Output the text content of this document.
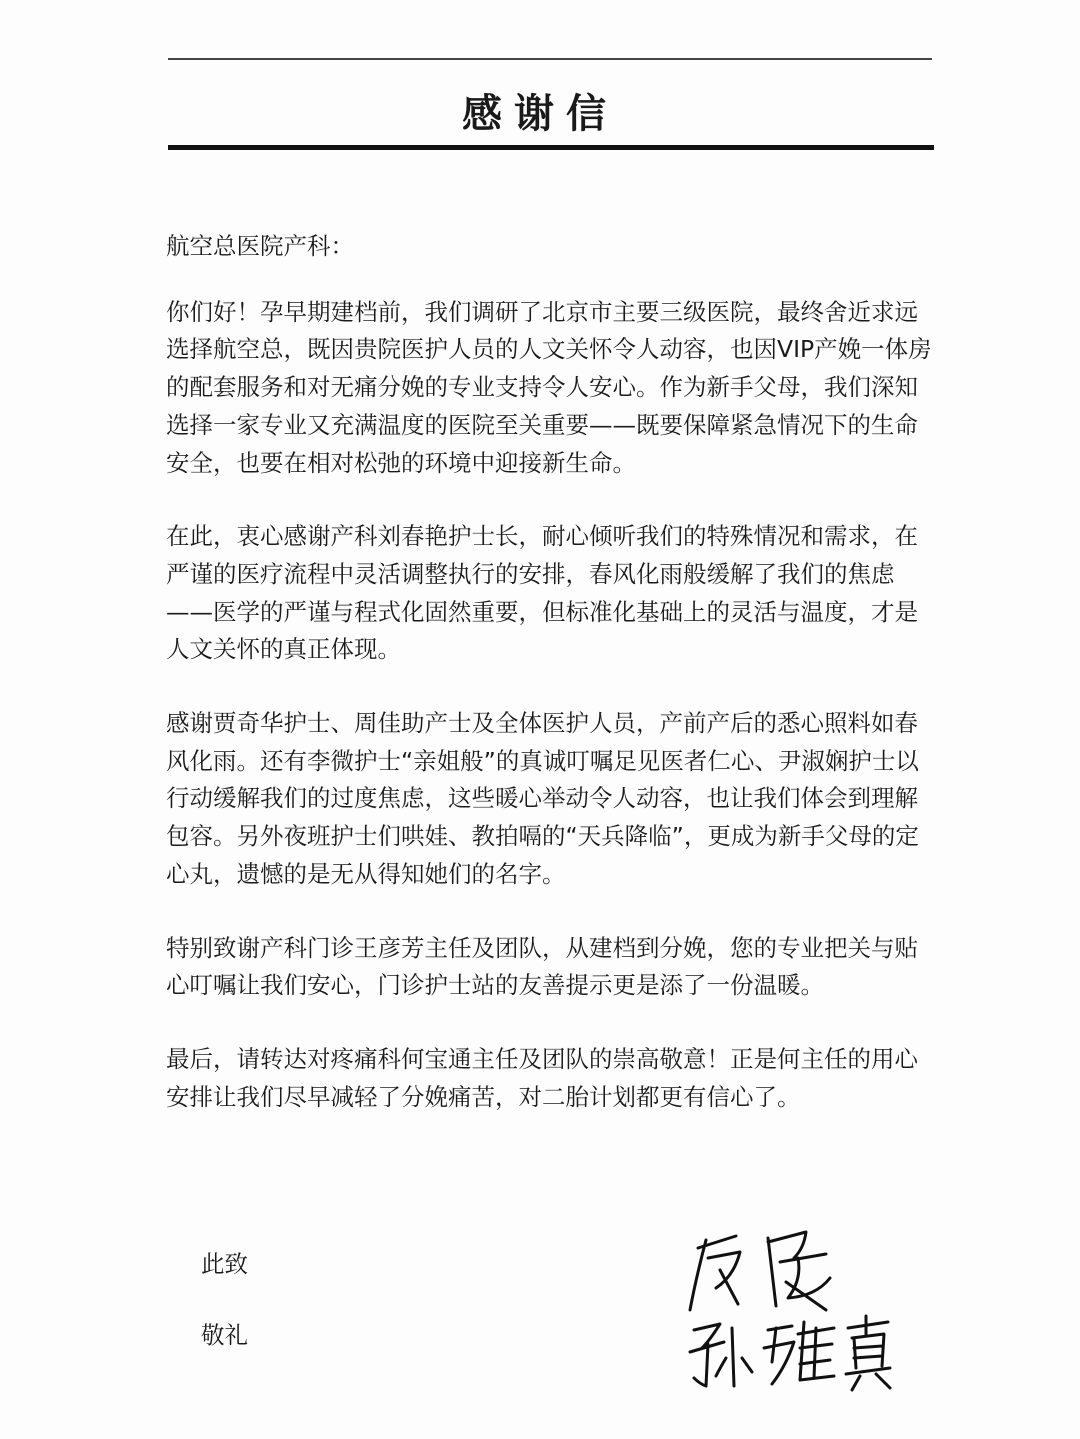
感谢信

航空总医院产科：

你们好！孕早期建档前，我们调研了北京市主要三级医院，最终舍近求远选择航空总，既因贵院医护人员的人文关怀令人动容，也因VIP产娩一体房的配套服务和对无痛分娩的专业支持令人安心。作为新手父母，我们深知选择一家专业又充满温度的医院至关重要——既要保障紧急情况下的生命安全，也要在相对松弛的环境中迎接新生命。

在此，衷心感谢产科刘春艳护士长，耐心倾听我们的特殊情况和需求，在严谨的医疗流程中灵活调整执行的安排，春风化雨般缓解了我们的焦虑——医学的严谨与程式化固然重要，但标准化基础上的灵活与温度，才是人文关怀的真正体现。

感谢贾奇华护士、周佳助产士及全体医护人员，产前产后的悉心照料如春风化雨。还有李微护士“亲姐般”的真诚叮嘱足见医者仁心、尹淑娴护士以行动缓解我们的过度焦虑，这些暖心举动令人动容，也让我们体会到理解包容。另外夜班护士们哄娃、教拍嗝的“天兵降临”，更成为新手父母的定心丸，遗憾的是无从得知她们的名字。

特别致谢产科门诊王彦芳主任及团队，从建档到分娩，您的专业把关与贴心叮嘱让我们安心，门诊护士站的友善提示更是添了一份温暖。

最后，请转达对疼痛科何宝通主任及团队的崇高敬意！正是何主任的用心安排让我们尽早减轻了分娩痛苦，对二胎计划都更有信心了。

此致
敬礼
